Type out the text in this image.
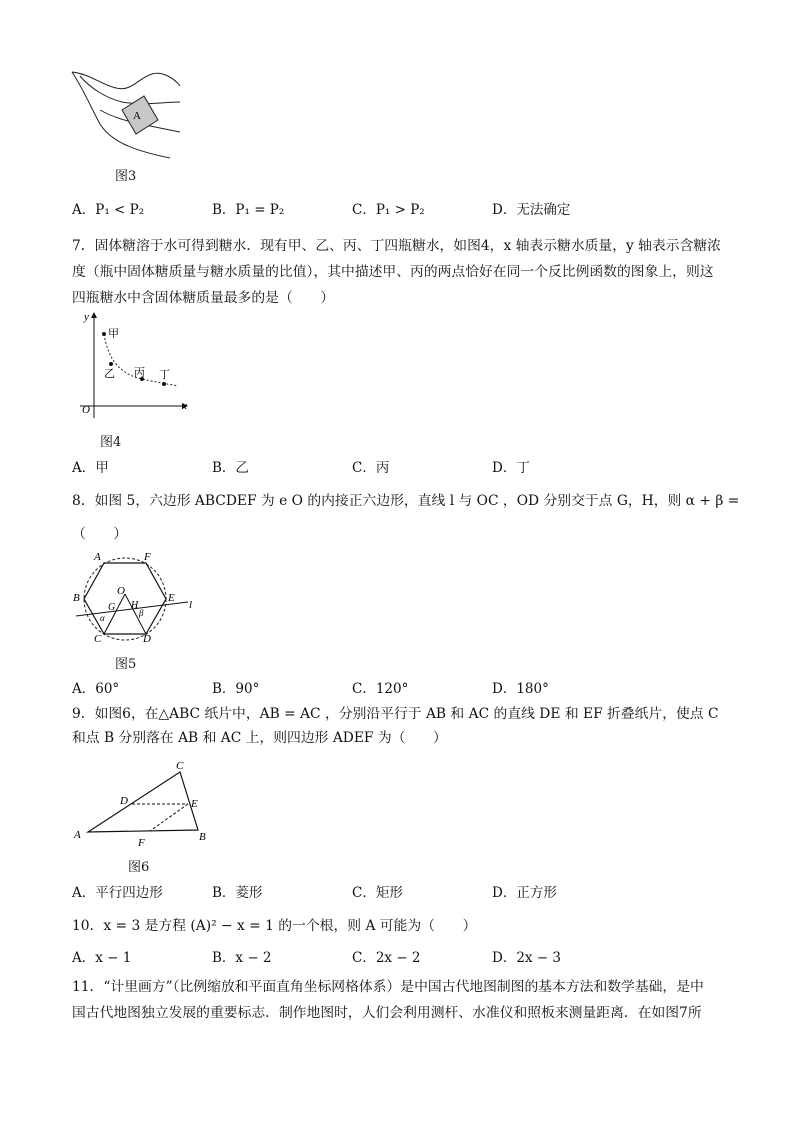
A
图3
A．P₁ < P₂	B．P₁ = P₂	C．P₁ > P₂	D．无法确定
7．固体糖溶于水可得到糖水．现有甲、乙、丙、丁四瓶糖水，如图4，x 轴表示糖水质量，y 轴表示含糖浓
度（瓶中固体糖质量与糖水质量的比值），其中描述甲、丙的两点恰好在同一个反比例函数的图象上，则这
四瓶糖水中含固体糖质量最多的是（　　）
y
x
O
甲
乙 丙 丁
图4
A．甲	B．乙	C．丙	D．丁
8．如图 5，六边形 ABCDEF 为 e O 的内接正六边形，直线 l 与 OC ，OD 分别交于点 G，H，则 α + β =
（　　）
A	F
B	E
C	D
O
G H	l
α	β
图5
A．60°	B．90°	C．120°	D．180°
9．如图6，在△ABC 纸片中，AB = AC ，分别沿平行于 AB 和 AC 的直线 DE 和 EF 折叠纸片，使点 C
和点 B 分别落在 AB 和 AC 上，则四边形 ADEF 为（　　）
C
D	E
A	B
F
图6
A．平行四边形	B．菱形	C．矩形	D．正方形
10．x = 3 是方程 (A)² − x = 1 的一个根，则 A 可能为（　　）
A．x − 1	B．x − 2	C．2x − 2	D．2x − 3
11．“计里画方”（比例缩放和平面直角坐标网格体系）是中国古代地图制图的基本方法和数学基础，是中
国古代地图独立发展的重要标志．制作地图时，人们会利用测杆、水准仪和照板来测量距离．在如图7所
